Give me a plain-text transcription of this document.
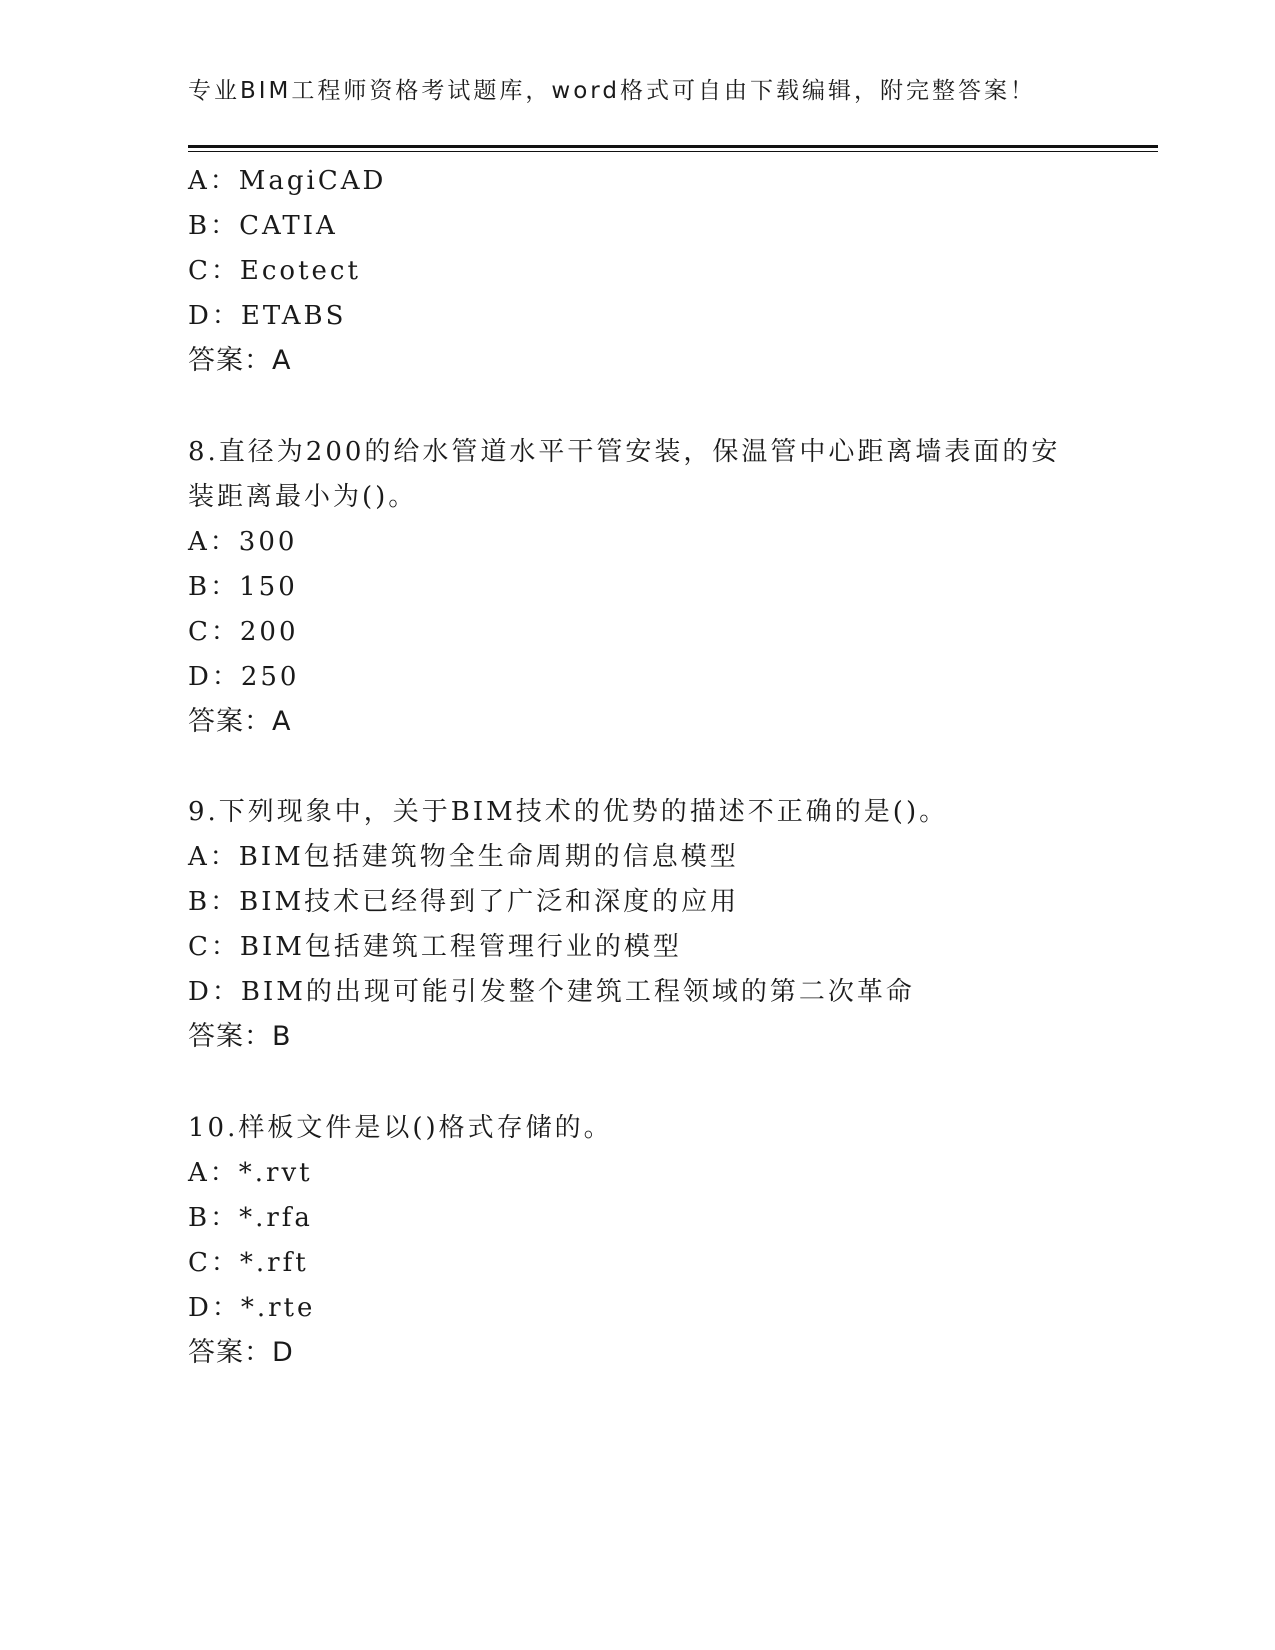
专业BIM工程师资格考试题库，word格式可自由下载编辑，附完整答案！
A：MagiCAD
B：CATIA
C：Ecotect
D：ETABS
答案：A
8.直径为200的给水管道水平干管安装，保温管中心距离墙表面的安
装距离最小为()。
A：300
B：150
C：200
D：250
答案：A
9.下列现象中，关于BIM技术的优势的描述不正确的是()。
A：BIM包括建筑物全生命周期的信息模型
B：BIM技术已经得到了广泛和深度的应用
C：BIM包括建筑工程管理行业的模型
D：BIM的出现可能引发整个建筑工程领域的第二次革命
答案：B
10.样板文件是以()格式存储的。
A：*.rvt
B：*.rfa
C：*.rft
D：*.rte
答案：D
